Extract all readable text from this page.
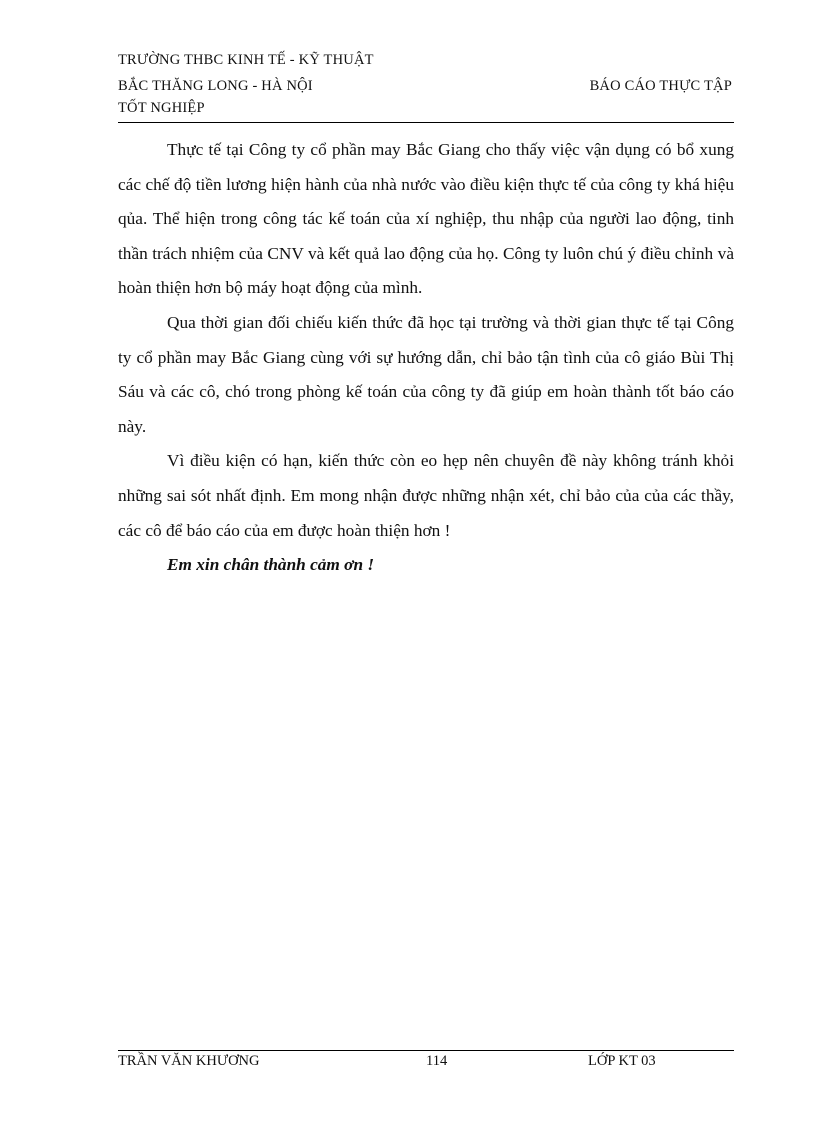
TRƯỜNG THBC KINH TẾ - KỸ THUẬT
BẮC THĂNG LONG - HÀ NỘI
TỐT NGHIỆP
BÁO CÁO THỰC TẬP

Thực tế tại Công ty cổ phần may Bắc Giang cho thấy việc vận dụng có bổ xung các chế độ tiền lương hiện hành của nhà nước vào điều kiện thực tế của công ty khá hiệu qủa. Thể hiện trong công tác kế toán của xí nghiệp, thu nhập của người lao động, tinh thần trách nhiệm của CNV và kết quả lao động của họ. Công ty luôn chú ý điều chỉnh và hoàn thiện hơn bộ máy hoạt động của mình.

Qua thời gian đối chiếu kiến thức đã học tại trường và thời gian thực tế tại Công ty cổ phần may Bắc Giang cùng với sự hướng dẫn, chỉ bảo tận tình của cô giáo Bùi Thị Sáu và các cô, chó trong phòng kế toán của công ty đã giúp em hoàn thành tốt báo cáo này.

Vì điều kiện có hạn, kiến thức còn eo hẹp nên chuyên đề này không tránh khỏi những sai sót nhất định. Em mong nhận được những nhận xét, chỉ bảo của của các thầy, các cô để báo cáo của em được hoàn thiện hơn !

Em xin chân thành cảm ơn !

TRẦN VĂN KHƯƠNG	114	LỚP KT 03
